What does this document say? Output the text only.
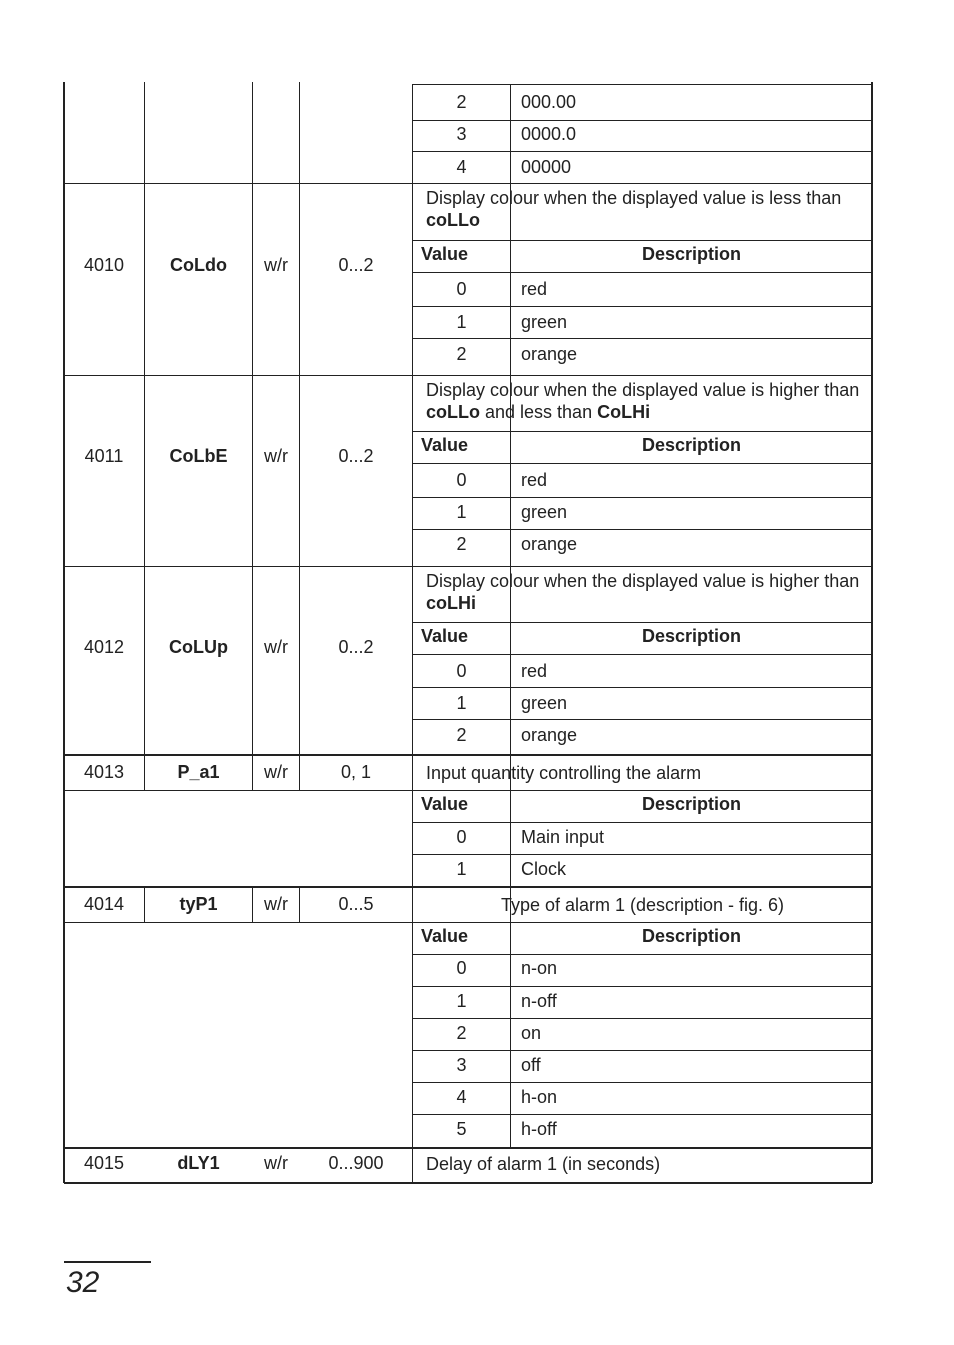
2	000.00
3	0000.0
4	00000
4010	CoLdo	w/r	0...2
Display colour when the displayed value is less than coLLo
Value	Description
0	red
1	green
2	orange
4011	CoLbE	w/r	0...2
Display colour when the displayed value is higher than coLLo and less than CoLHi
Value	Description
0	red
1	green
2	orange
4012	CoLUp	w/r	0...2
Display colour when the displayed value is higher than coLHi
Value	Description
0	red
1	green
2	orange
4013	P_a1	w/r	0, 1	Input quantity controlling the alarm
Value	Description
0	Main input
1	Clock
4014	tyP1	w/r	0...5	Type of alarm 1 (description - fig. 6)
Value	Description
0	n-on
1	n-off
2	on
3	off
4	h-on
5	h-off
4015	dLY1	w/r	0...900	Delay of alarm 1 (in seconds)
32
